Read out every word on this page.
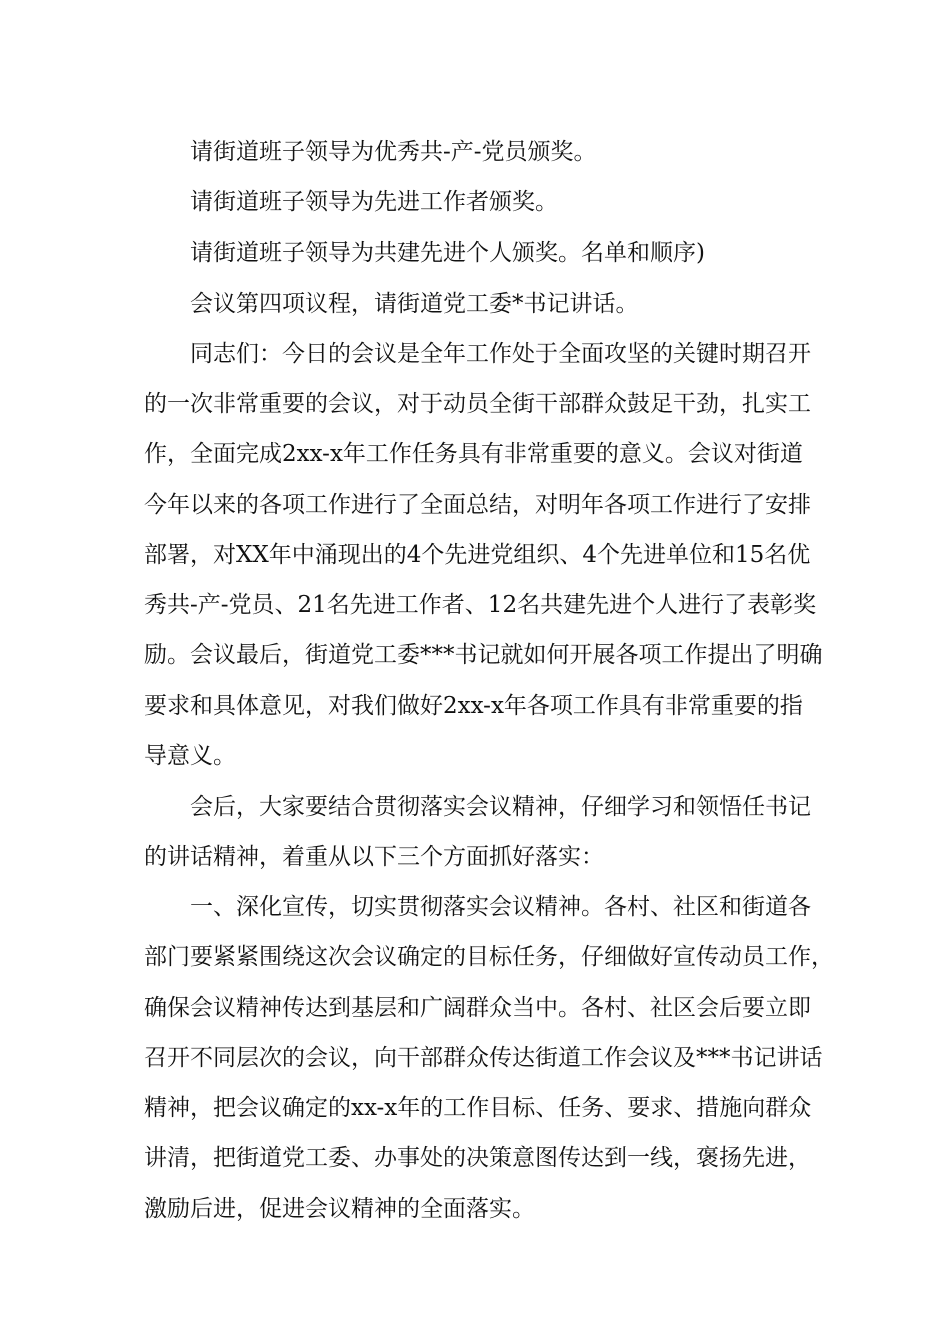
请街道班子领导为优秀共-产-党员颁奖。
请街道班子领导为先进工作者颁奖。
请街道班子领导为共建先进个人颁奖。名单和顺序)
会议第四项议程，请街道党工委*书记讲话。
同志们：今日的会议是全年工作处于全面攻坚的关键时期召开
的一次非常重要的会议，对于动员全街干部群众鼓足干劲，扎实工
作，全面完成2xx-x年工作任务具有非常重要的意义。会议对街道
今年以来的各项工作进行了全面总结，对明年各项工作进行了安排
部署，对XX年中涌现出的4个先进党组织、4个先进单位和15名优
秀共-产-党员、21名先进工作者、12名共建先进个人进行了表彰奖
励。会议最后，街道党工委***书记就如何开展各项工作提出了明确
要求和具体意见，对我们做好2xx-x年各项工作具有非常重要的指
导意义。
会后，大家要结合贯彻落实会议精神，仔细学习和领悟任书记
的讲话精神，着重从以下三个方面抓好落实：
一、深化宣传，切实贯彻落实会议精神。各村、社区和街道各
部门要紧紧围绕这次会议确定的目标任务，仔细做好宣传动员工作，
确保会议精神传达到基层和广阔群众当中。各村、社区会后要立即
召开不同层次的会议，向干部群众传达街道工作会议及***书记讲话
精神，把会议确定的xx-x年的工作目标、任务、要求、措施向群众
讲清，把街道党工委、办事处的决策意图传达到一线，褒扬先进，
激励后进，促进会议精神的全面落实。
